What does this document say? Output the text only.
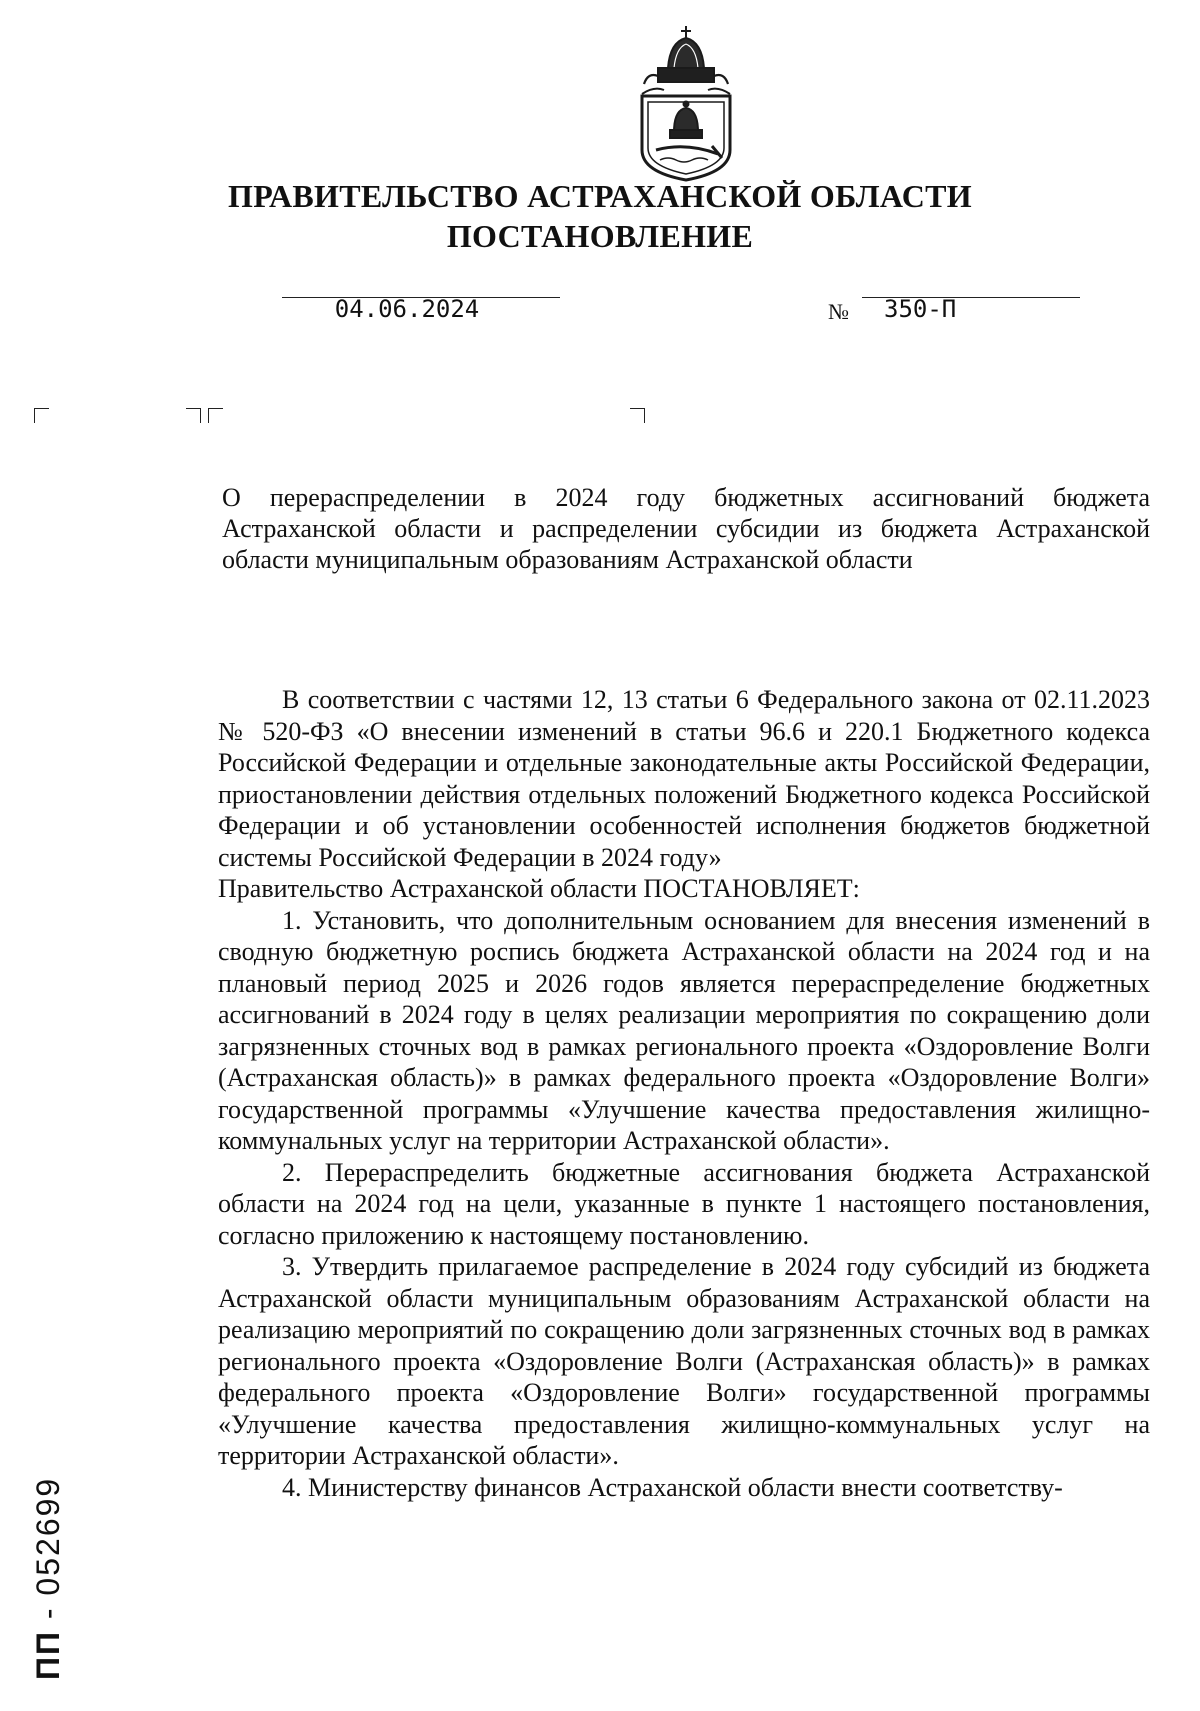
ПРАВИТЕЛЬСТВО АСТРАХАНСКОЙ ОБЛАСТИ
ПОСТАНОВЛЕНИЕ
04.06.2024	№ 350-П
О перераспределении в 2024 году бюджетных ассигнований бюджета Астраханской области и распределении субсидии из бюджета Астраханской области муниципальным образованиям Астраханской области

В соответствии с частями 12, 13 статьи 6 Федерального закона от 02.11.2023 № 520-ФЗ «О внесении изменений в статьи 96.6 и 220.1 Бюджетного кодекса Российской Федерации и отдельные законодательные акты Российской Федерации, приостановлении действия отдельных положений Бюджетного кодекса Российской Федерации и об установлении особенностей исполнения бюджетов бюджетной системы Российской Федерации в 2024 году»

Правительство Астраханской области ПОСТАНОВЛЯЕТ:

1. Установить, что дополнительным основанием для внесения изменений в сводную бюджетную роспись бюджета Астраханской области на 2024 год и на плановый период 2025 и 2026 годов является перераспределение бюджетных ассигнований в 2024 году в целях реализации мероприятия по сокращению доли загрязненных сточных вод в рамках регионального проекта «Оздоровление Волги (Астраханская область)» в рамках федерального проекта «Оздоровление Волги» государственной программы «Улучшение качества предоставления жилищно-коммунальных услуг на территории Астраханской области».

2. Перераспределить бюджетные ассигнования бюджета Астраханской области на 2024 год на цели, указанные в пункте 1 настоящего постановления, согласно приложению к настоящему постановлению.

3. Утвердить прилагаемое распределение в 2024 году субсидий из бюджета Астраханской области муниципальным образованиям Астраханской области на реализацию мероприятий по сокращению доли загрязненных сточных вод в рамках регионального проекта «Оздоровление Волги (Астраханская область)» в рамках федерального проекта «Оздоровление Волги» государственной программы «Улучшение качества предоставления жилищно-коммунальных услуг на территории Астраханской области».

4. Министерству финансов Астраханской области внести соответству-

ПП - 052699
